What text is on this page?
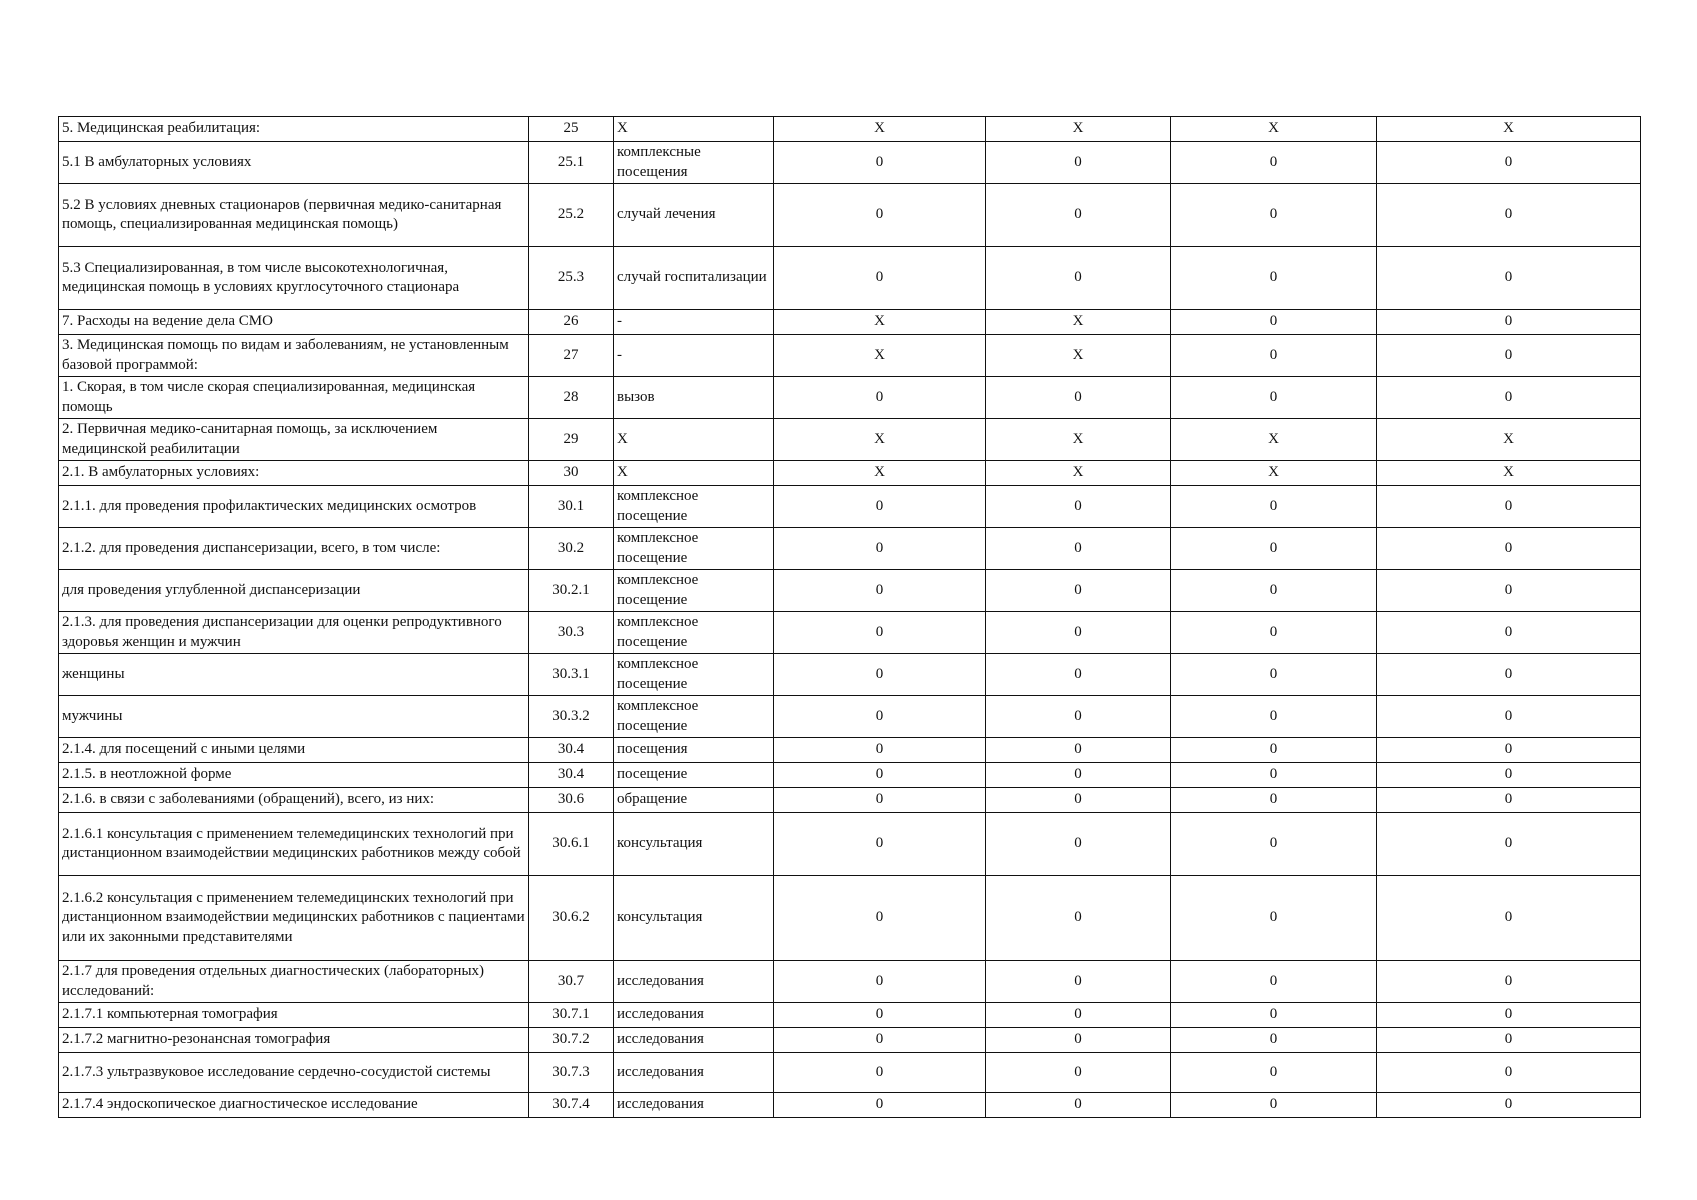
5. Медицинская реабилитация:	25	X	X	X	X	X
5.1 В амбулаторных условиях	25.1	комплексные посещения	0	0	0	0
5.2 В условиях дневных стационаров (первичная медико-санитарная помощь, специализированная медицинская помощь)	25.2	случай лечения	0	0	0	0
5.3 Специализированная, в том числе высокотехнологичная, медицинская помощь в условиях круглосуточного стационара	25.3	случай госпитализации	0	0	0	0
7. Расходы на ведение дела СМО	26	-	X	X	0	0
3. Медицинская помощь по видам и заболеваниям, не установленным базовой программой:	27	-	X	X	0	0
1. Скорая, в том числе скорая специализированная, медицинская помощь	28	вызов	0	0	0	0
2. Первичная медико-санитарная помощь, за исключением медицинской реабилитации	29	X	X	X	X	X
2.1. В амбулаторных условиях:	30	X	X	X	X	X
2.1.1. для проведения профилактических медицинских осмотров	30.1	комплексное посещение	0	0	0	0
2.1.2. для проведения диспансеризации, всего, в том числе:	30.2	комплексное посещение	0	0	0	0
для проведения углубленной диспансеризации	30.2.1	комплексное посещение	0	0	0	0
2.1.3. для проведения диспансеризации для оценки репродуктивного здоровья женщин и мужчин	30.3	комплексное посещение	0	0	0	0
женщины	30.3.1	комплексное посещение	0	0	0	0
мужчины	30.3.2	комплексное посещение	0	0	0	0
2.1.4. для посещений с иными целями	30.4	посещения	0	0	0	0
2.1.5. в неотложной форме	30.4	посещение	0	0	0	0
2.1.6. в связи с заболеваниями (обращений), всего, из них:	30.6	обращение	0	0	0	0
2.1.6.1 консультация с применением телемедицинских технологий при дистанционном взаимодействии медицинских работников между собой	30.6.1	консультация	0	0	0	0
2.1.6.2 консультация с применением телемедицинских технологий при дистанционном взаимодействии медицинских работников с пациентами или их законными представителями	30.6.2	консультация	0	0	0	0
2.1.7 для проведения отдельных диагностических (лабораторных) исследований:	30.7	исследования	0	0	0	0
2.1.7.1 компьютерная томография	30.7.1	исследования	0	0	0	0
2.1.7.2 магнитно-резонансная томография	30.7.2	исследования	0	0	0	0
2.1.7.3 ультразвуковое исследование сердечно-сосудистой системы	30.7.3	исследования	0	0	0	0
2.1.7.4 эндоскопическое диагностическое исследование	30.7.4	исследования	0	0	0	0
